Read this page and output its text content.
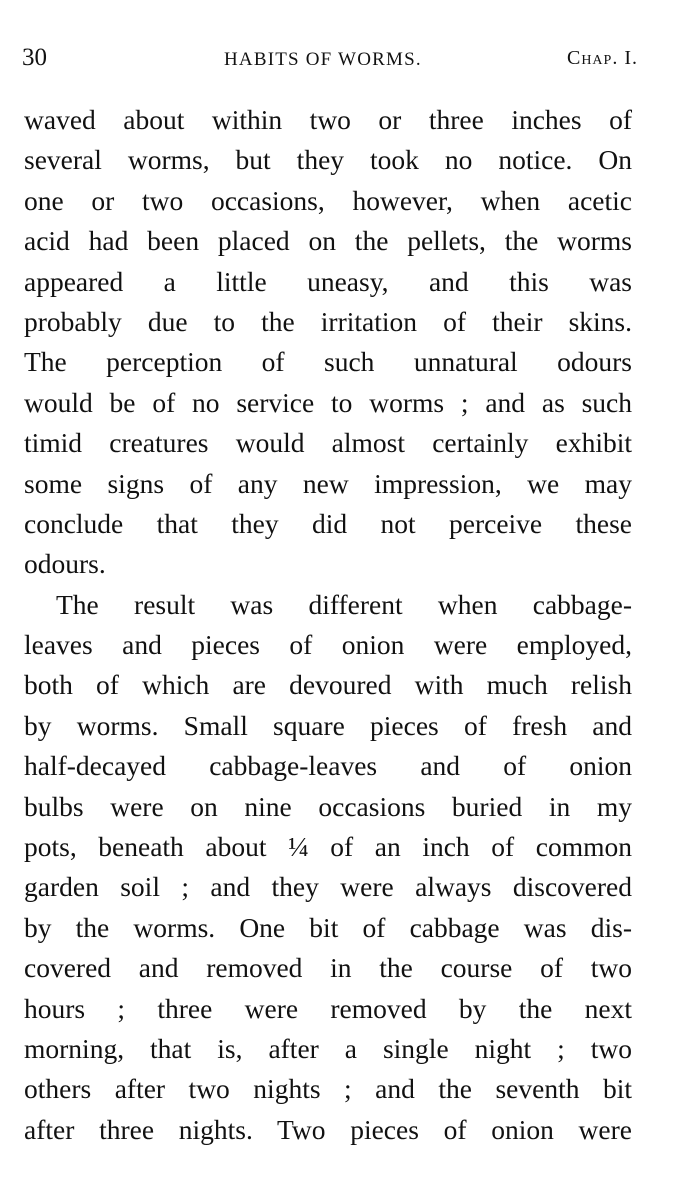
30	HABITS OF WORMS.	Chap. I.
waved about within two or three inches of
several worms, but they took no notice. On
one or two occasions, however, when acetic
acid had been placed on the pellets, the worms
appeared a little uneasy, and this was
probably due to the irritation of their skins.
The perception of such unnatural odours
would be of no service to worms ; and as such
timid creatures would almost certainly exhibit
some signs of any new impression, we may
conclude that they did not perceive these
odours.
The result was different when cabbage-
leaves and pieces of onion were employed,
both of which are devoured with much relish
by worms. Small square pieces of fresh and
half-decayed cabbage-leaves and of onion
bulbs were on nine occasions buried in my
pots, beneath about ¼ of an inch of common
garden soil ; and they were always discovered
by the worms. One bit of cabbage was dis-
covered and removed in the course of two
hours ; three were removed by the next
morning, that is, after a single night ; two
others after two nights ; and the seventh bit
after three nights. Two pieces of onion were
